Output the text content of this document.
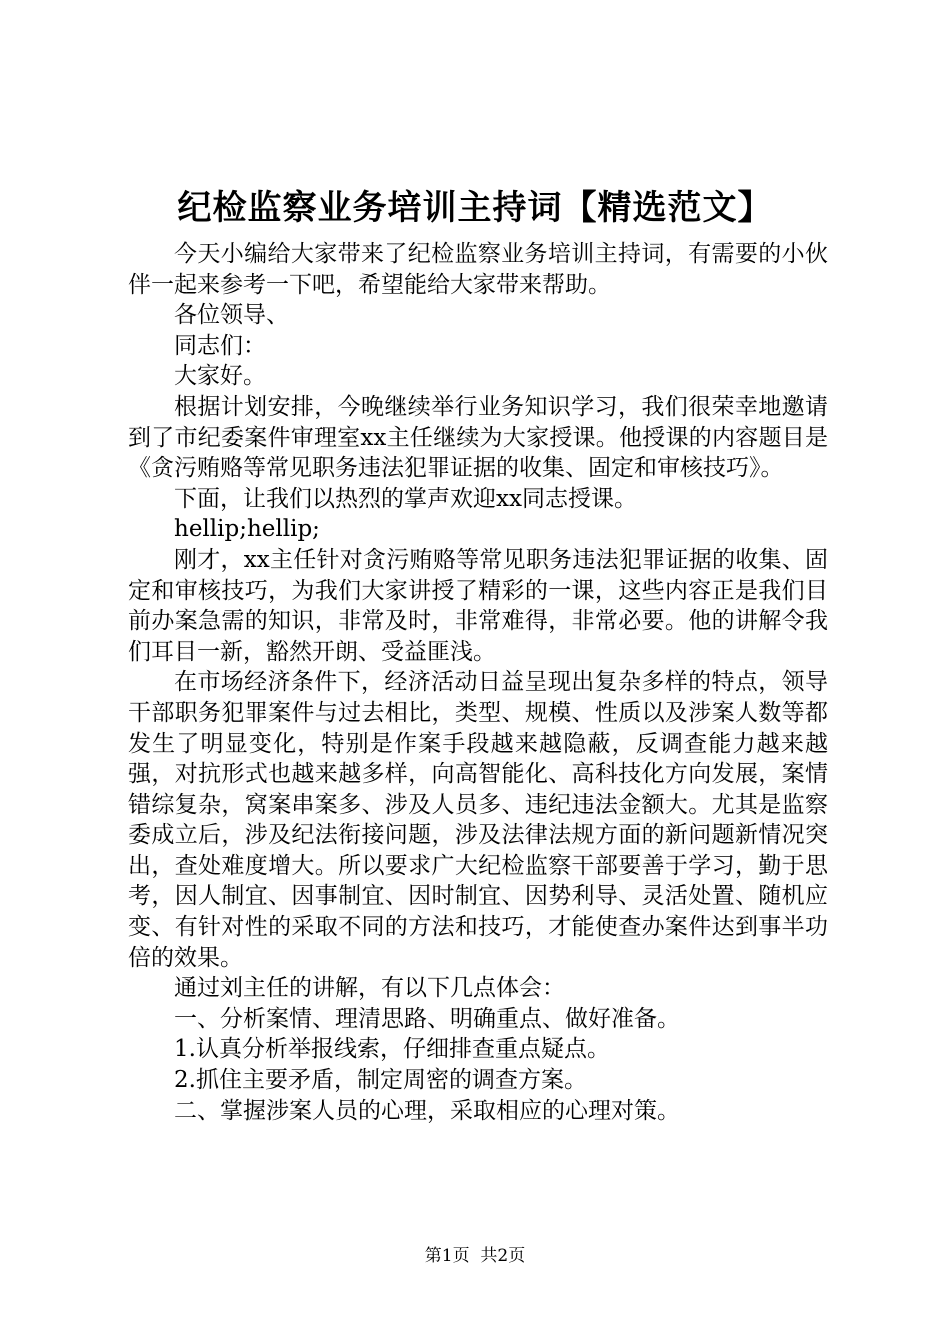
纪检监察业务培训主持词【精选范文】

今天小编给大家带来了纪检监察业务培训主持词，有需要的小伙伴一起来参考一下吧，希望能给大家带来帮助。

各位领导、

同志们：

大家好。

根据计划安排，今晚继续举行业务知识学习，我们很荣幸地邀请到了市纪委案件审理室xx主任继续为大家授课。他授课的内容题目是《贪污贿赂等常见职务违法犯罪证据的收集、固定和审核技巧》。

下面，让我们以热烈的掌声欢迎xx同志授课。

hellip;hellip;

刚才，xx主任针对贪污贿赂等常见职务违法犯罪证据的收集、固定和审核技巧，为我们大家讲授了精彩的一课，这些内容正是我们目前办案急需的知识，非常及时，非常难得，非常必要。他的讲解令我们耳目一新，豁然开朗、受益匪浅。

在市场经济条件下，经济活动日益呈现出复杂多样的特点，领导干部职务犯罪案件与过去相比，类型、规模、性质以及涉案人数等都发生了明显变化，特别是作案手段越来越隐蔽，反调查能力越来越强，对抗形式也越来越多样，向高智能化、高科技化方向发展，案情错综复杂，窝案串案多、涉及人员多、违纪违法金额大。尤其是监察委成立后，涉及纪法衔接问题，涉及法律法规方面的新问题新情况突出，查处难度增大。所以要求广大纪检监察干部要善于学习，勤于思考，因人制宜、因事制宜、因时制宜、因势利导、灵活处置、随机应变、有针对性的采取不同的方法和技巧，才能使查办案件达到事半功倍的效果。

通过刘主任的讲解，有以下几点体会：

一、分析案情、理清思路、明确重点、做好准备。

1.认真分析举报线索，仔细排查重点疑点。

2.抓住主要矛盾，制定周密的调查方案。

二、掌握涉案人员的心理，采取相应的心理对策。

第1页 共2页
